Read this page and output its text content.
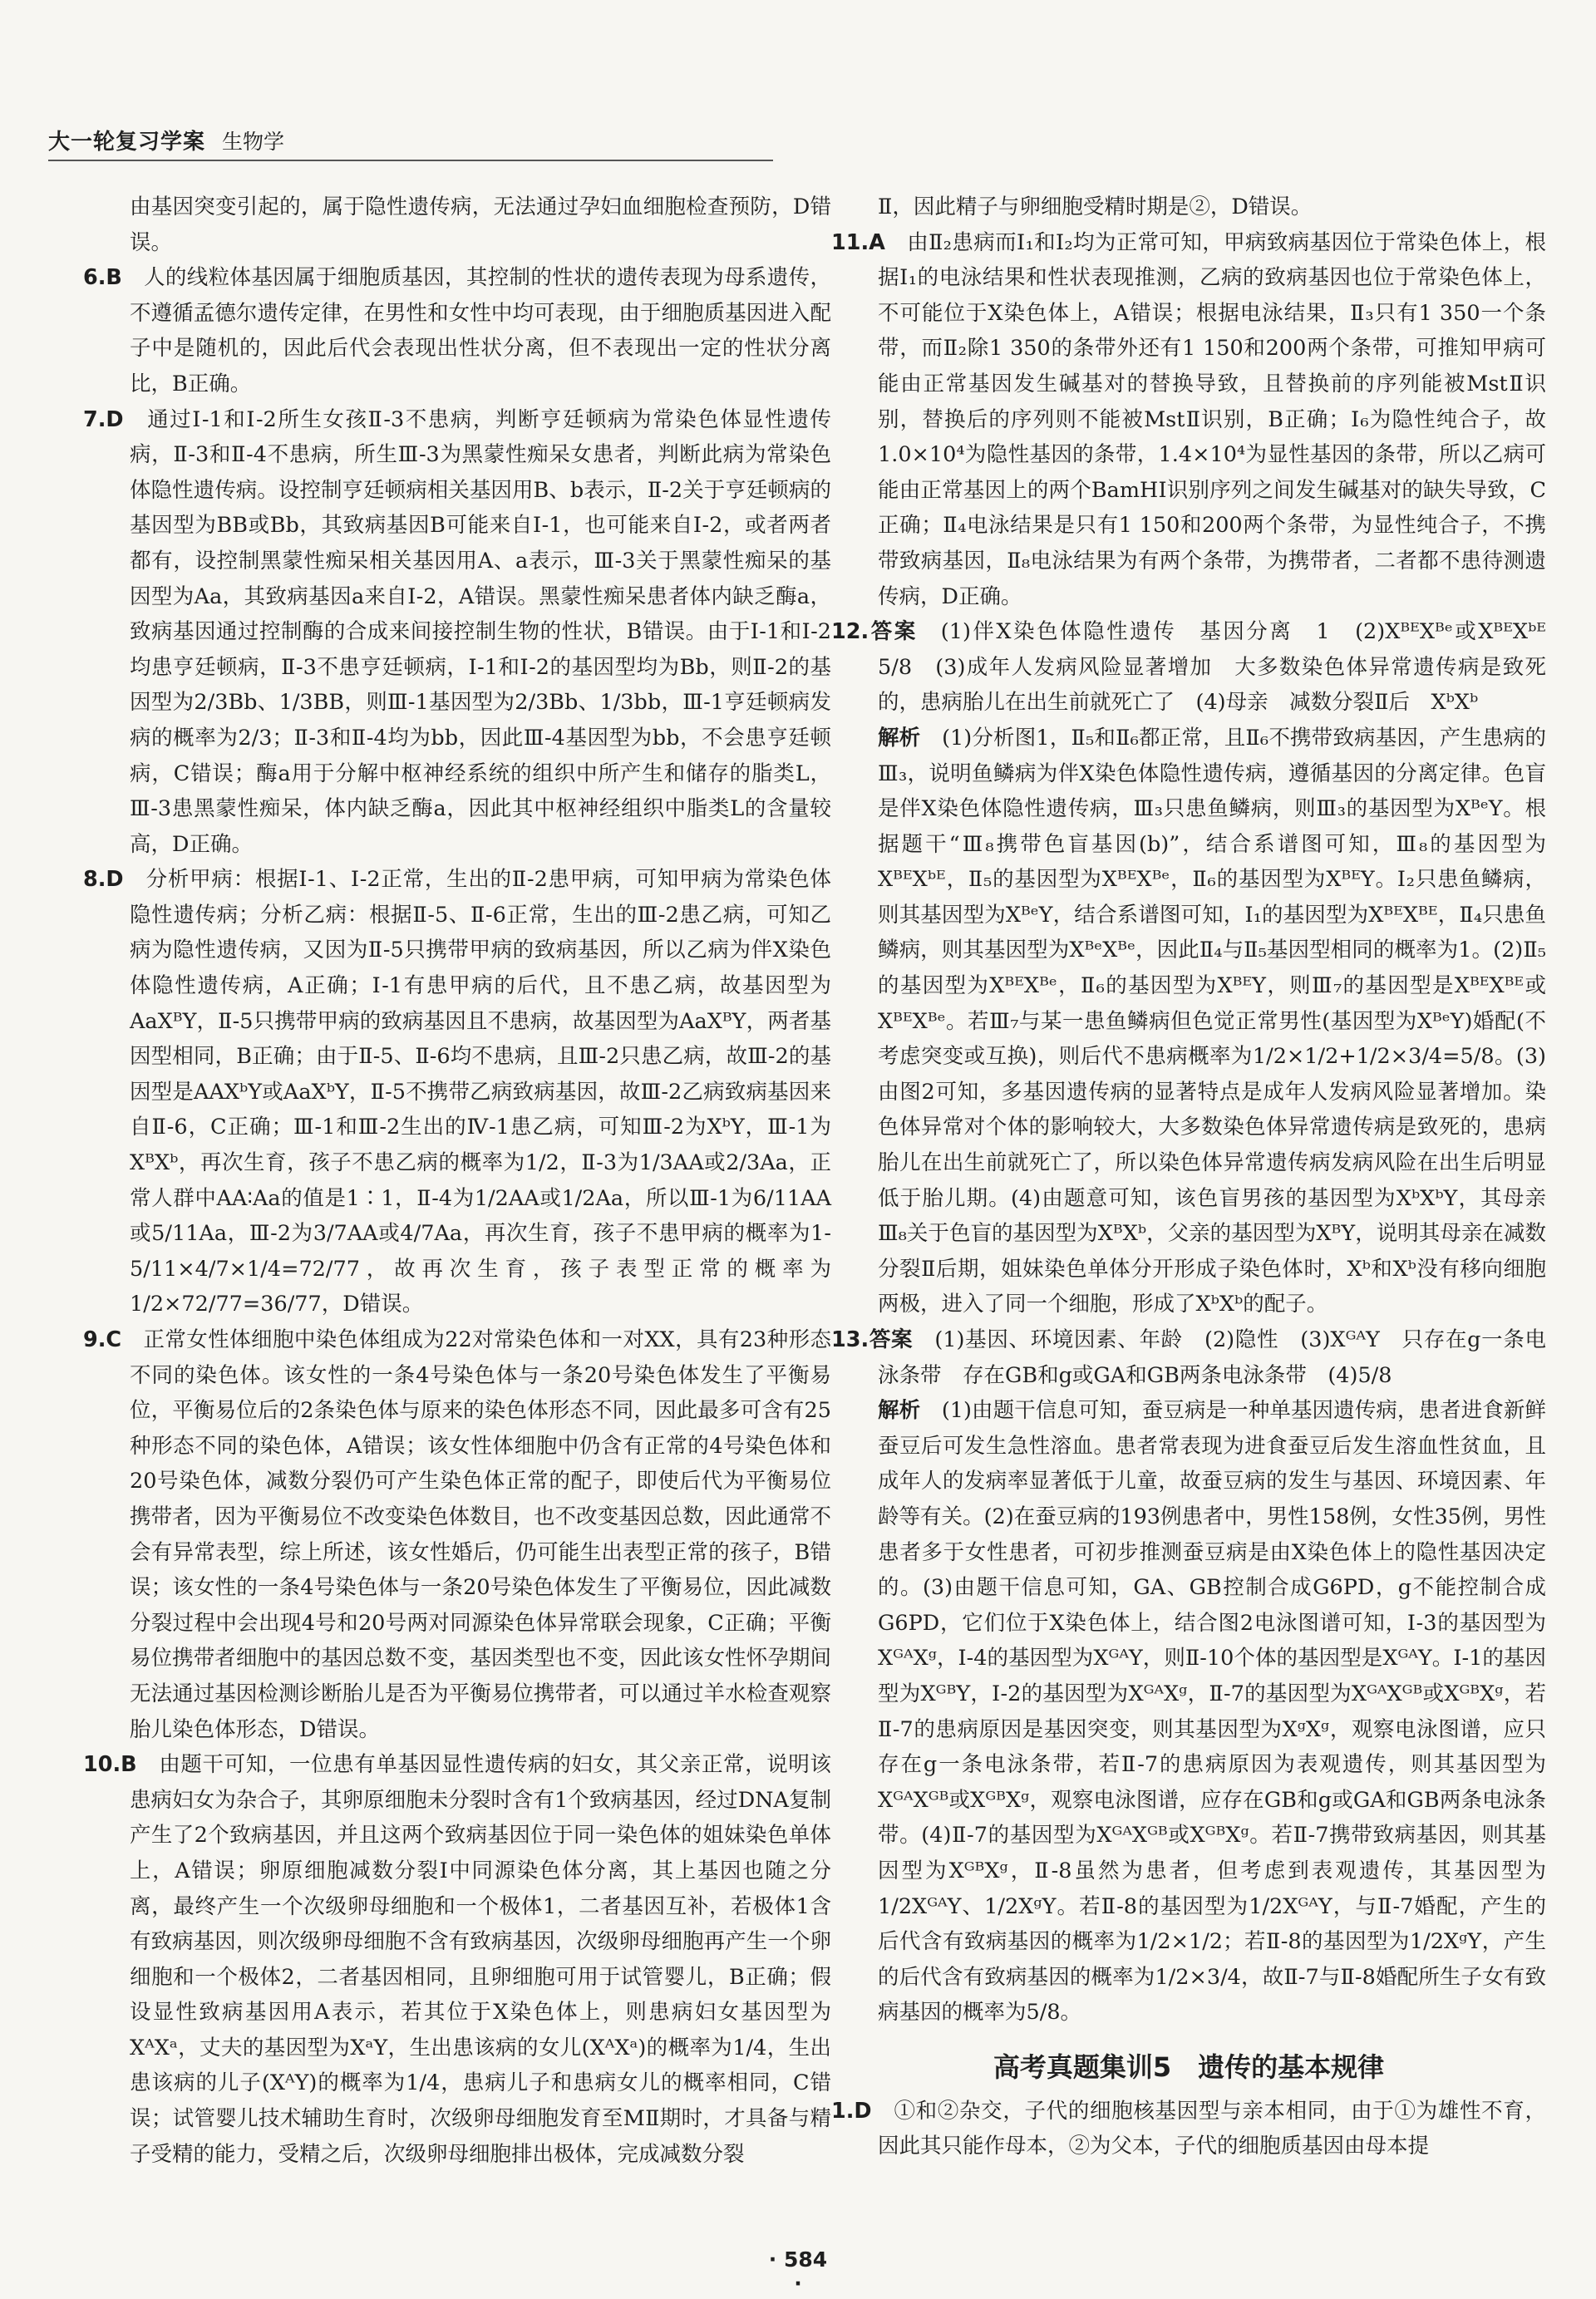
大一轮复习学案 生物学

由基因突变引起的，属于隐性遗传病，无法通过孕妇血细胞检查预防，D错误。

6.B　 人的线粒体基因属于细胞质基因，其控制的性状的遗传表现为母系遗传，不遵循孟德尔遗传定律，在男性和女性中均可表现，由于细胞质基因进入配子中是随机的，因此后代会表现出性状分离，但不表现出一定的性状分离比，B正确。

7.D　 通过Ⅰ-1和Ⅰ-2所生女孩Ⅱ-3不患病，判断亨廷顿病为常染色体显性遗传病，Ⅱ-3和Ⅱ-4不患病，所生Ⅲ-3为黑蒙性痴呆女患者，判断此病为常染色体隐性遗传病。设控制亨廷顿病相关基因用B、b表示，Ⅱ-2关于亨廷顿病的基因型为BB或Bb，其致病基因B可能来自Ⅰ-1，也可能来自Ⅰ-2，或者两者都有，设控制黑蒙性痴呆相关基因用A、a表示，Ⅲ-3关于黑蒙性痴呆的基因型为Aa，其致病基因a来自Ⅰ-2，A错误。黑蒙性痴呆患者体内缺乏酶a，致病基因通过控制酶的合成来间接控制生物的性状，B错误。由于Ⅰ-1和Ⅰ-2均患亨廷顿病，Ⅱ-3不患亨廷顿病，Ⅰ-1和Ⅰ-2的基因型均为Bb，则Ⅱ-2的基因型为2/3Bb、1/3BB，则Ⅲ-1基因型为2/3Bb、1/3bb，Ⅲ-1亨廷顿病发病的概率为2/3；Ⅱ-3和Ⅱ-4均为bb，因此Ⅲ-4基因型为bb，不会患亨廷顿病，C错误；酶a用于分解中枢神经系统的组织中所产生和储存的脂类L，Ⅲ-3患黑蒙性痴呆，体内缺乏酶a，因此其中枢神经组织中脂类L的含量较高，D正确。

8.D　 分析甲病：根据Ⅰ-1、Ⅰ-2正常，生出的Ⅱ-2患甲病，可知甲病为常染色体隐性遗传病；分析乙病：根据Ⅱ-5、Ⅱ-6正常，生出的Ⅲ-2患乙病，可知乙病为隐性遗传病，又因为Ⅱ-5只携带甲病的致病基因，所以乙病为伴X染色体隐性遗传病，A正确；Ⅰ-1有患甲病的后代，且不患乙病，故基因型为AaXᴮY，Ⅱ-5只携带甲病的致病基因且不患病，故基因型为AaXᴮY，两者基因型相同，B正确；由于Ⅱ-5、Ⅱ-6均不患病，且Ⅲ-2只患乙病，故Ⅲ-2的基因型是AAXᵇY或AaXᵇY，Ⅱ-5不携带乙病致病基因，故Ⅲ-2乙病致病基因来自Ⅱ-6，C正确；Ⅲ-1和Ⅲ-2生出的Ⅳ-1患乙病，可知Ⅲ-2为XᵇY，Ⅲ-1为XᴮXᵇ，再次生育，孩子不患乙病的概率为1/2，Ⅱ-3为1/3AA或2/3Aa，正常人群中AA∶Aa的值是1∶1，Ⅱ-4为1/2AA或1/2Aa，所以Ⅲ-1为6/11AA或5/11Aa，Ⅲ-2为3/7AA或4/7Aa，再次生育，孩子不患甲病的概率为1-5/11×4/7×1/4=72/77，故再次生育，孩子表型正常的概率为1/2×72/77=36/77，D错误。

9.C　 正常女性体细胞中染色体组成为22对常染色体和一对XX，具有23种形态不同的染色体。该女性的一条4号染色体与一条20号染色体发生了平衡易位，平衡易位后的2条染色体与原来的染色体形态不同，因此最多可含有25种形态不同的染色体，A错误；该女性体细胞中仍含有正常的4号染色体和20号染色体，减数分裂仍可产生染色体正常的配子，即使后代为平衡易位携带者，因为平衡易位不改变染色体数目，也不改变基因总数，因此通常不会有异常表型，综上所述，该女性婚后，仍可能生出表型正常的孩子，B错误；该女性的一条4号染色体与一条20号染色体发生了平衡易位，因此减数分裂过程中会出现4号和20号两对同源染色体异常联会现象，C正确；平衡易位携带者细胞中的基因总数不变，基因类型也不变，因此该女性怀孕期间无法通过基因检测诊断胎儿是否为平衡易位携带者，可以通过羊水检查观察胎儿染色体形态，D错误。

10.B　 由题干可知，一位患有单基因显性遗传病的妇女，其父亲正常，说明该患病妇女为杂合子，其卵原细胞未分裂时含有1个致病基因，经过DNA复制产生了2个致病基因，并且这两个致病基因位于同一染色体的姐妹染色单体上，A错误；卵原细胞减数分裂Ⅰ中同源染色体分离，其上基因也随之分离，最终产生一个次级卵母细胞和一个极体1，二者基因互补，若极体1含有致病基因，则次级卵母细胞不含有致病基因，次级卵母细胞再产生一个卵细胞和一个极体2，二者基因相同，且卵细胞可用于试管婴儿，B正确；假设显性致病基因用A表示，若其位于X染色体上，则患病妇女基因型为XᴬXᵃ，丈夫的基因型为XᵃY，生出患该病的女儿(XᴬXᵃ)的概率为1/4，生出患该病的儿子(XᴬY)的概率为1/4，患病儿子和患病女儿的概率相同，C错误；试管婴儿技术辅助生育时，次级卵母细胞发育至MⅡ期时，才具备与精子受精的能力，受精之后，次级卵母细胞排出极体，完成减数分裂

Ⅱ，因此精子与卵细胞受精时期是②，D错误。

11.A　 由Ⅱ₂患病而Ⅰ₁和Ⅰ₂均为正常可知，甲病致病基因位于常染色体上，根据Ⅰ₁的电泳结果和性状表现推测，乙病的致病基因也位于常染色体上，不可能位于X染色体上，A错误；根据电泳结果，Ⅱ₃只有1 350一个条带，而Ⅱ₂除1 350的条带外还有1 150和200两个条带，可推知甲病可能由正常基因发生碱基对的替换导致，且替换前的序列能被MstⅡ识别，替换后的序列则不能被MstⅡ识别，B正确；Ⅰ₆为隐性纯合子，故1.0×10⁴为隐性基因的条带，1.4×10⁴为显性基因的条带，所以乙病可能由正常基因上的两个BamHⅠ识别序列之间发生碱基对的缺失导致，C正确；Ⅱ₄电泳结果是只有1 150和200两个条带，为显性纯合子，不携带致病基因，Ⅱ₈电泳结果为有两个条带，为携带者，二者都不患待测遗传病，D正确。

12.答案　 (1)伴X染色体隐性遗传　基因分离　1　(2)XᴮᴱXᴮᵉ或XᴮᴱXᵇᴱ　5/8　(3)成年人发病风险显著增加　大多数染色体异常遗传病是致死的，患病胎儿在出生前就死亡了　(4)母亲　减数分裂Ⅱ后　XᵇXᵇ

解析　 (1)分析图1，Ⅱ₅和Ⅱ₆都正常，且Ⅱ₆不携带致病基因，产生患病的Ⅲ₃，说明鱼鳞病为伴X染色体隐性遗传病，遵循基因的分离定律。色盲是伴X染色体隐性遗传病，Ⅲ₃只患鱼鳞病，则Ⅲ₃的基因型为XᴮᵉY。根据题干“Ⅲ₈携带色盲基因(b)”，结合系谱图可知，Ⅲ₈的基因型为XᴮᴱXᵇᴱ，Ⅱ₅的基因型为XᴮᴱXᴮᵉ，Ⅱ₆的基因型为XᴮᴱY。Ⅰ₂只患鱼鳞病，则其基因型为XᴮᵉY，结合系谱图可知，Ⅰ₁的基因型为XᴮᴱXᴮᴱ，Ⅱ₄只患鱼鳞病，则其基因型为XᴮᵉXᴮᵉ，因此Ⅱ₄与Ⅱ₅基因型相同的概率为1。(2)Ⅱ₅的基因型为XᴮᴱXᴮᵉ，Ⅱ₆的基因型为XᴮᴱY，则Ⅲ₇的基因型是XᴮᴱXᴮᴱ或XᴮᴱXᴮᵉ。若Ⅲ₇与某一患鱼鳞病但色觉正常男性(基因型为XᴮᵉY)婚配(不考虑突变或互换)，则后代不患病概率为1/2×1/2+1/2×3/4=5/8。(3)由图2可知，多基因遗传病的显著特点是成年人发病风险显著增加。染色体异常对个体的影响较大，大多数染色体异常遗传病是致死的，患病胎儿在出生前就死亡了，所以染色体异常遗传病发病风险在出生后明显低于胎儿期。(4)由题意可知，该色盲男孩的基因型为XᵇXᵇY，其母亲Ⅲ₈关于色盲的基因型为XᴮXᵇ，父亲的基因型为XᴮY，说明其母亲在减数分裂Ⅱ后期，姐妹染色单体分开形成子染色体时，Xᵇ和Xᵇ没有移向细胞两极，进入了同一个细胞，形成了XᵇXᵇ的配子。

13.答案　 (1)基因、环境因素、年龄　(2)隐性　(3)XᴳᴬY　只存在g一条电泳条带　存在GB和g或GA和GB两条电泳条带　(4)5/8

解析　 (1)由题干信息可知，蚕豆病是一种单基因遗传病，患者进食新鲜蚕豆后可发生急性溶血。患者常表现为进食蚕豆后发生溶血性贫血，且成年人的发病率显著低于儿童，故蚕豆病的发生与基因、环境因素、年龄等有关。(2)在蚕豆病的193例患者中，男性158例，女性35例，男性患者多于女性患者，可初步推测蚕豆病是由X染色体上的隐性基因决定的。(3)由题干信息可知，GA、GB控制合成G6PD，g不能控制合成G6PD，它们位于X染色体上，结合图2电泳图谱可知，Ⅰ-3的基因型为XᴳᴬXᵍ，Ⅰ-4的基因型为XᴳᴬY，则Ⅱ-10个体的基因型是XᴳᴬY。Ⅰ-1的基因型为XᴳᴮY，Ⅰ-2的基因型为XᴳᴬXᵍ，Ⅱ-7的基因型为XᴳᴬXᴳᴮ或XᴳᴮXᵍ，若Ⅱ-7的患病原因是基因突变，则其基因型为XᵍXᵍ，观察电泳图谱，应只存在g一条电泳条带，若Ⅱ-7的患病原因为表观遗传，则其基因型为XᴳᴬXᴳᴮ或XᴳᴮXᵍ，观察电泳图谱，应存在GB和g或GA和GB两条电泳条带。(4)Ⅱ-7的基因型为XᴳᴬXᴳᴮ或XᴳᴮXᵍ。若Ⅱ-7携带致病基因，则其基因型为XᴳᴮXᵍ，Ⅱ-8虽然为患者，但考虑到表观遗传，其基因型为1/2XᴳᴬY、1/2XᵍY。若Ⅱ-8的基因型为1/2XᴳᴬY，与Ⅱ-7婚配，产生的后代含有致病基因的概率为1/2×1/2；若Ⅱ-8的基因型为1/2XᵍY，产生的后代含有致病基因的概率为1/2×3/4，故Ⅱ-7与Ⅱ-8婚配所生子女有致病基因的概率为5/8。

高考真题集训5　遗传的基本规律

1.D　 ①和②杂交，子代的细胞核基因型与亲本相同，由于①为雄性不育，因此其只能作母本，②为父本，子代的细胞质基因由母本提

· 584 ·
